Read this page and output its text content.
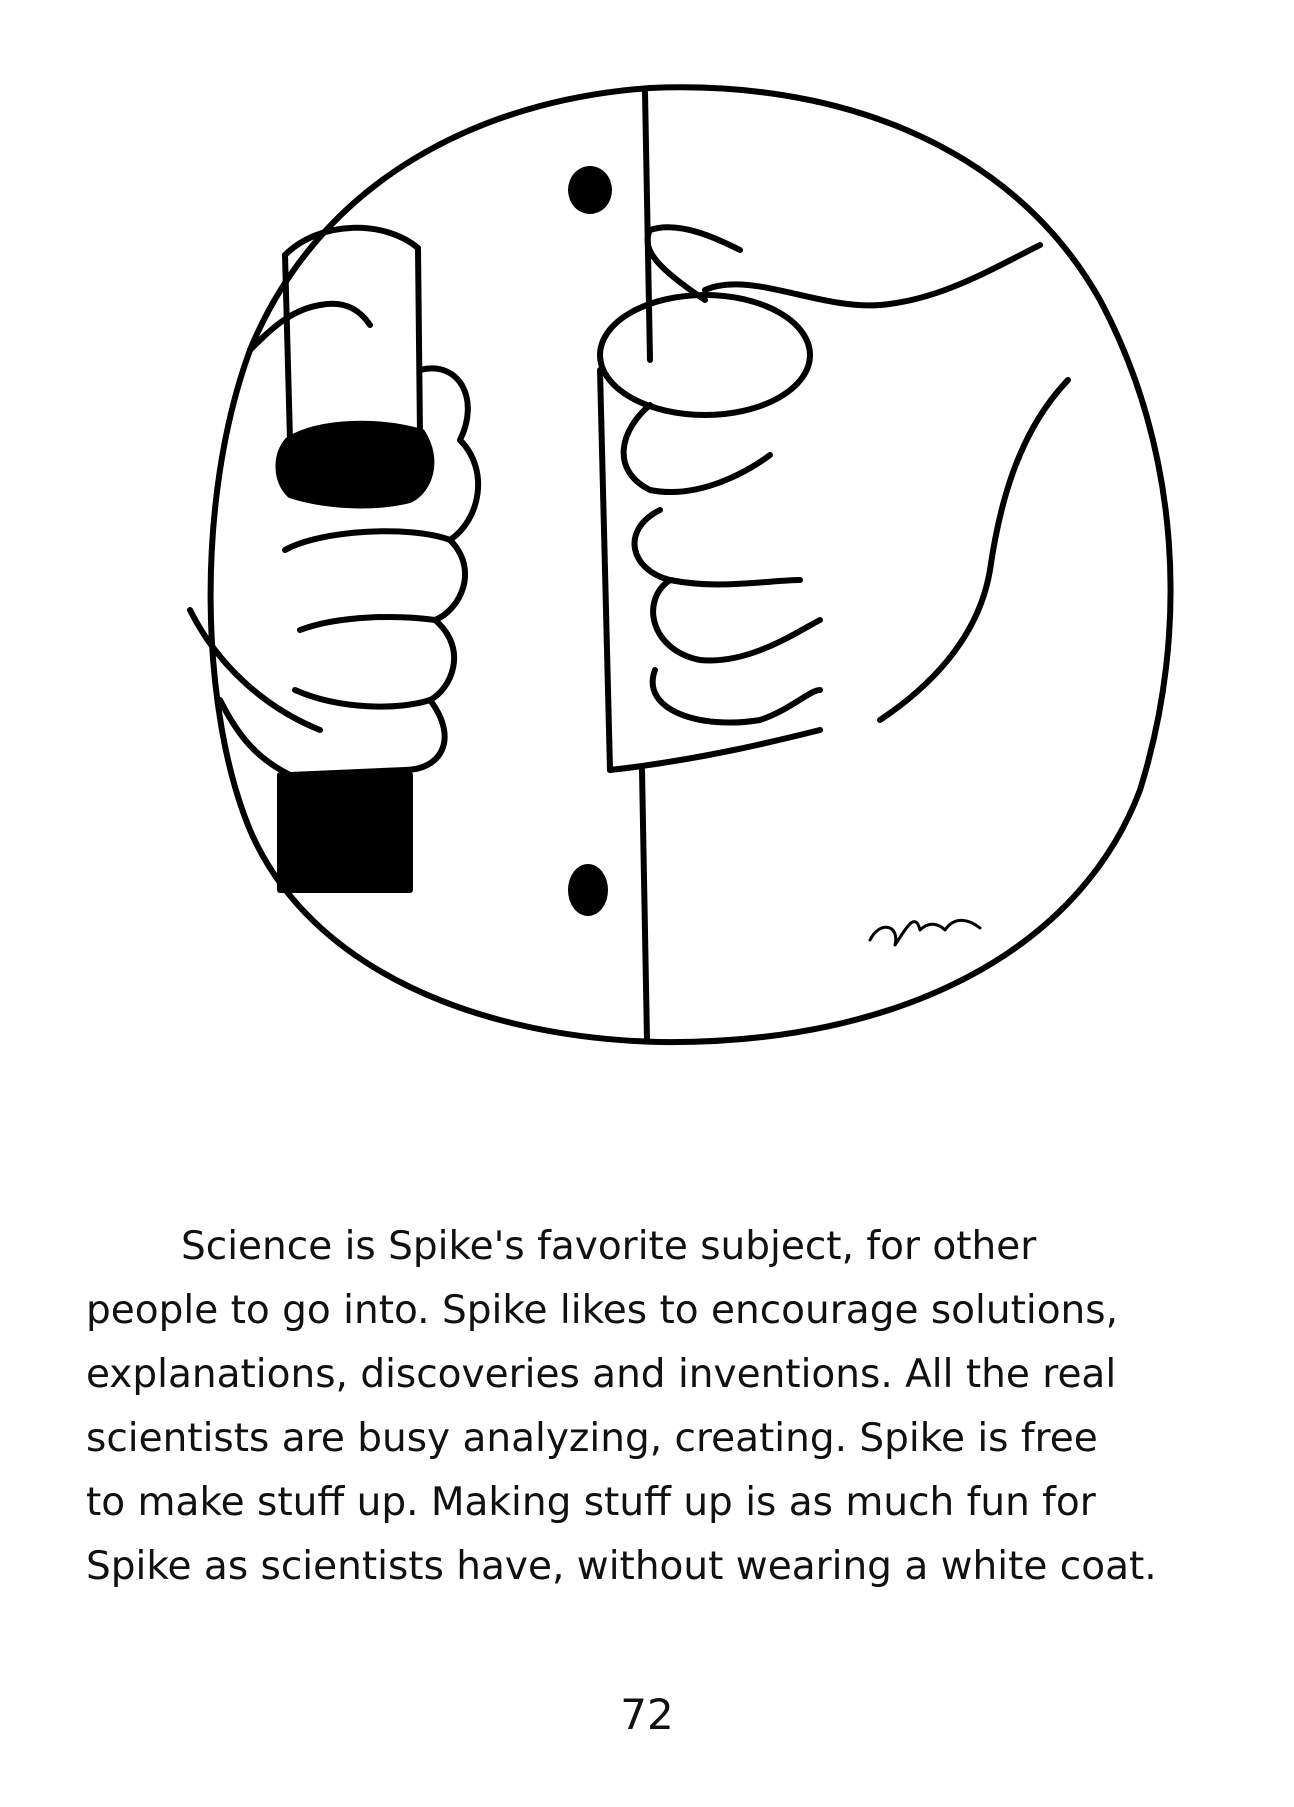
Science is Spike's favorite subject, for other
people to go into. Spike likes to encourage solutions,
explanations, discoveries and inventions. All the real
scientists are busy analyzing, creating. Spike is free
to make stuff up. Making stuff up is as much fun for
Spike as scientists have, without wearing a white coat.
72
